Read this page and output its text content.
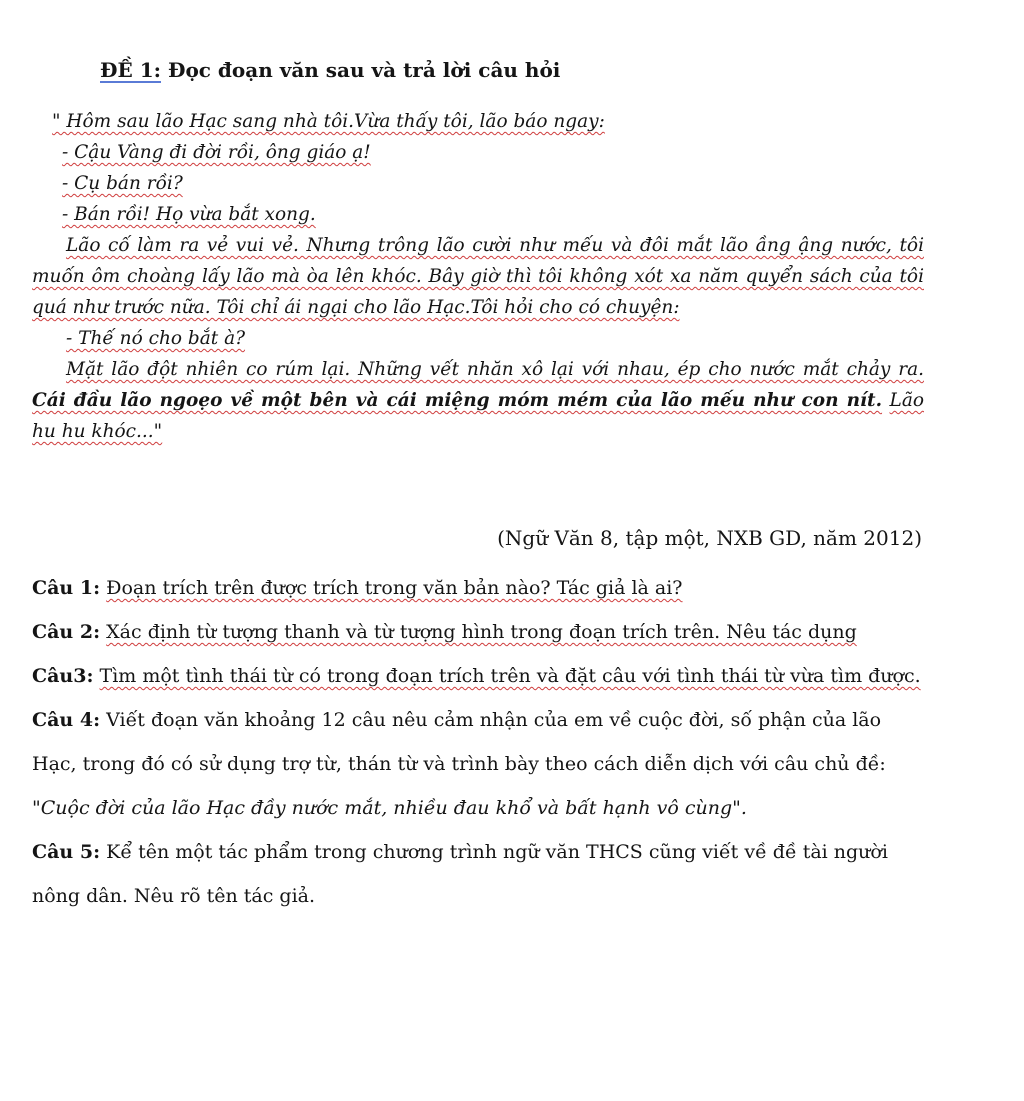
ĐỀ 1: Đọc đoạn văn sau và trả lời câu hỏi

" Hôm sau lão Hạc sang nhà tôi.Vừa thấy tôi, lão báo ngay:

- Cậu Vàng đi đời rồi, ông giáo ạ!

- Cụ bán rồi?

- Bán rồi! Họ vừa bắt xong.

Lão cố làm ra vẻ vui vẻ. Nhưng trông lão cười như mếu và đôi mắt lão ầng ậng nước, tôi muốn ôm choàng lấy lão mà òa lên khóc. Bây giờ thì tôi không xót xa năm quyển sách của tôi quá như trước nữa. Tôi chỉ ái ngại cho lão Hạc.Tôi hỏi cho có chuyện:

- Thế nó cho bắt à?

Mặt lão đột nhiên co rúm lại. Những vết nhăn xô lại với nhau, ép cho nước mắt chảy ra. Cái đầu lão ngoẹo về một bên và cái miệng móm mém của lão mếu như con nít. Lão hu hu khóc..."

(Ngữ Văn 8, tập một, NXB GD, năm 2012)

Câu 1: Đoạn trích trên được trích trong văn bản nào? Tác giả là ai?

Câu 2: Xác định từ tượng thanh và từ tượng hình trong đoạn trích trên. Nêu tác dụng

Câu3: Tìm một tình thái từ có trong đoạn trích trên và đặt câu với tình thái từ vừa tìm được.

Câu 4: Viết đoạn văn khoảng 12 câu nêu cảm nhận của em về cuộc đời, số phận của lão Hạc, trong đó có sử dụng trợ từ, thán từ và trình bày theo cách diễn dịch với câu chủ đề: "Cuộc đời của lão Hạc đầy nước mắt, nhiều đau khổ và bất hạnh vô cùng".

Câu 5: Kể tên một tác phẩm trong chương trình ngữ văn THCS cũng viết về đề tài người nông dân. Nêu rõ tên tác giả.
